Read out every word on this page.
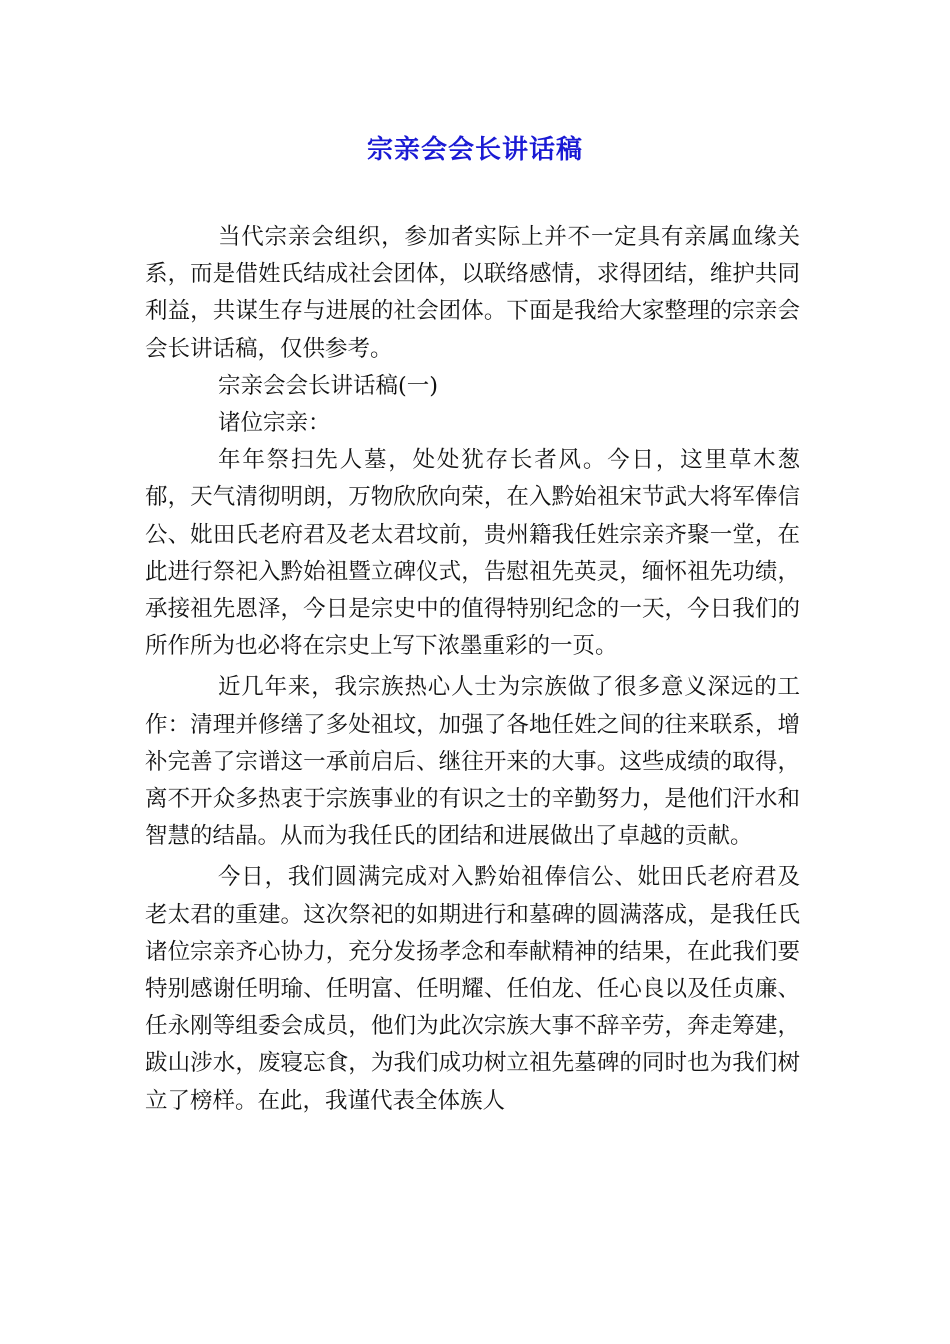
宗亲会会长讲话稿

当代宗亲会组织，参加者实际上并不一定具有亲属血缘关系，而是借姓氏结成社会团体，以联络感情，求得团结，维护共同利益，共谋生存与进展的社会团体。下面是我给大家整理的宗亲会会长讲话稿，仅供参考。

宗亲会会长讲话稿(一)

诸位宗亲：

年年祭扫先人墓，处处犹存长者风。今日，这里草木葱郁，天气清彻明朗，万物欣欣向荣，在入黔始祖宋节武大将军俸信公、妣田氏老府君及老太君坟前，贵州籍我任姓宗亲齐聚一堂，在此进行祭祀入黔始祖暨立碑仪式，告慰祖先英灵，缅怀祖先功绩，承接祖先恩泽，今日是宗史中的值得特别纪念的一天，今日我们的所作所为也必将在宗史上写下浓墨重彩的一页。

近几年来，我宗族热心人士为宗族做了很多意义深远的工作：清理并修缮了多处祖坟，加强了各地任姓之间的往来联系，增补完善了宗谱这一承前启后、继往开来的大事。这些成绩的取得，离不开众多热衷于宗族事业的有识之士的辛勤努力，是他们汗水和智慧的结晶。从而为我任氏的团结和进展做出了卓越的贡献。

今日，我们圆满完成对入黔始祖俸信公、妣田氏老府君及老太君的重建。这次祭祀的如期进行和墓碑的圆满落成，是我任氏诸位宗亲齐心协力，充分发扬孝念和奉献精神的结果，在此我们要特别感谢任明瑜、任明富、任明耀、任伯龙、任心良以及任贞廉、任永刚等组委会成员，他们为此次宗族大事不辞辛劳，奔走筹建，跋山涉水，废寝忘食，为我们成功树立祖先墓碑的同时也为我们树立了榜样。在此，我谨代表全体族人
